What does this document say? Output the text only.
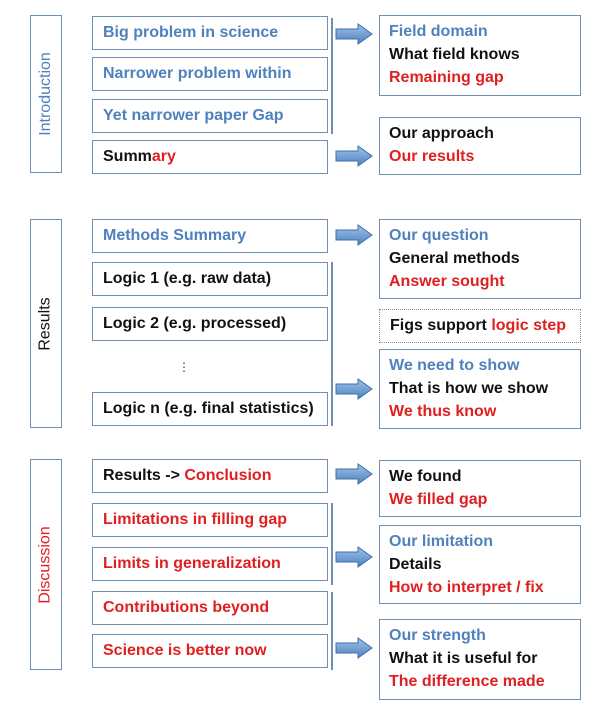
Introduction
Results
Discussion
Big problem in science
Narrower problem within
Yet narrower paper Gap
Summ ary
Field domain
What field knows
Remaining gap
Our approach
Our results
Methods Summary
Logic 1 (e.g. raw data)
Logic 2 (e.g. processed)
⋮
Logic n (e.g. final statistics)
Our question
General methods
Answer sought
Figs support logic step
We need to show
That is how we show
We thus know
Results -> Conclusion
Limitations in filling gap
Limits in generalization
Contributions beyond
Science is better now
We found
We filled gap
Our limitation
Details
How to interpret / fix
Our strength
What it is useful for
The difference made
